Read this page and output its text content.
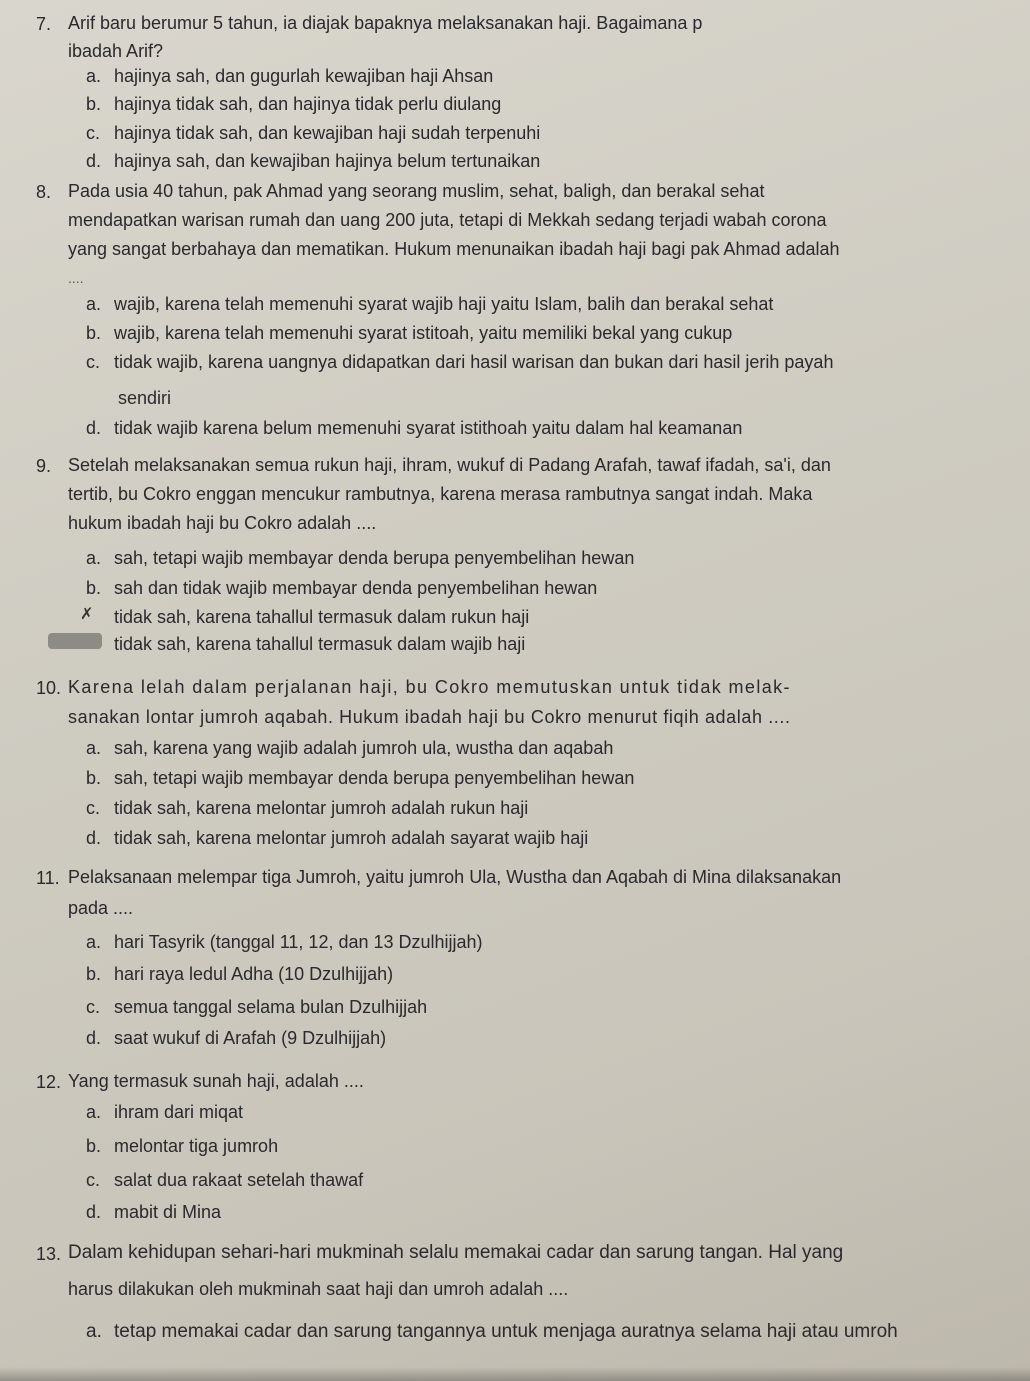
7. Arif baru berumur 5 tahun, ia diajak bapaknya melaksanakan haji. Bagaimana p
ibadah Arif?
a. hajinya sah, dan gugurlah kewajiban haji Ahsan
b. hajinya tidak sah, dan hajinya tidak perlu diulang
c. hajinya tidak sah, dan kewajiban haji sudah terpenuhi
d. hajinya sah, dan kewajiban hajinya belum tertunaikan
8. Pada usia 40 tahun, pak Ahmad yang seorang muslim, sehat, baligh, dan berakal sehat
mendapatkan warisan rumah dan uang 200 juta, tetapi di Mekkah sedang terjadi wabah corona
yang sangat berbahaya dan mematikan. Hukum menunaikan ibadah haji bagi pak Ahmad adalah
....
a. wajib, karena telah memenuhi syarat wajib haji yaitu Islam, balih dan berakal sehat
b. wajib, karena telah memenuhi syarat istitoah, yaitu memiliki bekal yang cukup
c. tidak wajib, karena uangnya didapatkan dari hasil warisan dan bukan dari hasil jerih payah
sendiri
d. tidak wajib karena belum memenuhi syarat istithoah yaitu dalam hal keamanan
9. Setelah melaksanakan semua rukun haji, ihram, wukuf di Padang Arafah, tawaf ifadah, sa'i, dan
tertib, bu Cokro enggan mencukur rambutnya, karena merasa rambutnya sangat indah. Maka
hukum ibadah haji bu Cokro adalah ....
a. sah, tetapi wajib membayar denda berupa penyembelihan hewan
b. sah dan tidak wajib membayar denda penyembelihan hewan
✗	tidak sah, karena tahallul termasuk dalam rukun haji
tidak sah, karena tahallul termasuk dalam wajib haji
10. Karena lelah dalam perjalanan haji, bu Cokro memutuskan untuk tidak melak-
sanakan lontar jumroh aqabah. Hukum ibadah haji bu Cokro menurut fiqih adalah ....
a. sah, karena yang wajib adalah jumroh ula, wustha dan aqabah
b. sah, tetapi wajib membayar denda berupa penyembelihan hewan
c. tidak sah, karena melontar jumroh adalah rukun haji
d. tidak sah, karena melontar jumroh adalah sayarat wajib haji
11. Pelaksanaan melempar tiga Jumroh, yaitu jumroh Ula, Wustha dan Aqabah di Mina dilaksanakan
pada ....
a. hari Tasyrik (tanggal 11, 12, dan 13 Dzulhijjah)
b. hari raya ledul Adha (10 Dzulhijjah)
c. semua tanggal selama bulan Dzulhijjah
d. saat wukuf di Arafah (9 Dzulhijjah)
12. Yang termasuk sunah haji, adalah ....
a. ihram dari miqat
b. melontar tiga jumroh
c. salat dua rakaat setelah thawaf
d. mabit di Mina
13. Dalam kehidupan sehari-hari mukminah selalu memakai cadar dan sarung tangan. Hal yang
harus dilakukan oleh mukminah saat haji dan umroh adalah ....
a. tetap memakai cadar dan sarung tangannya untuk menjaga auratnya selama haji atau umroh
